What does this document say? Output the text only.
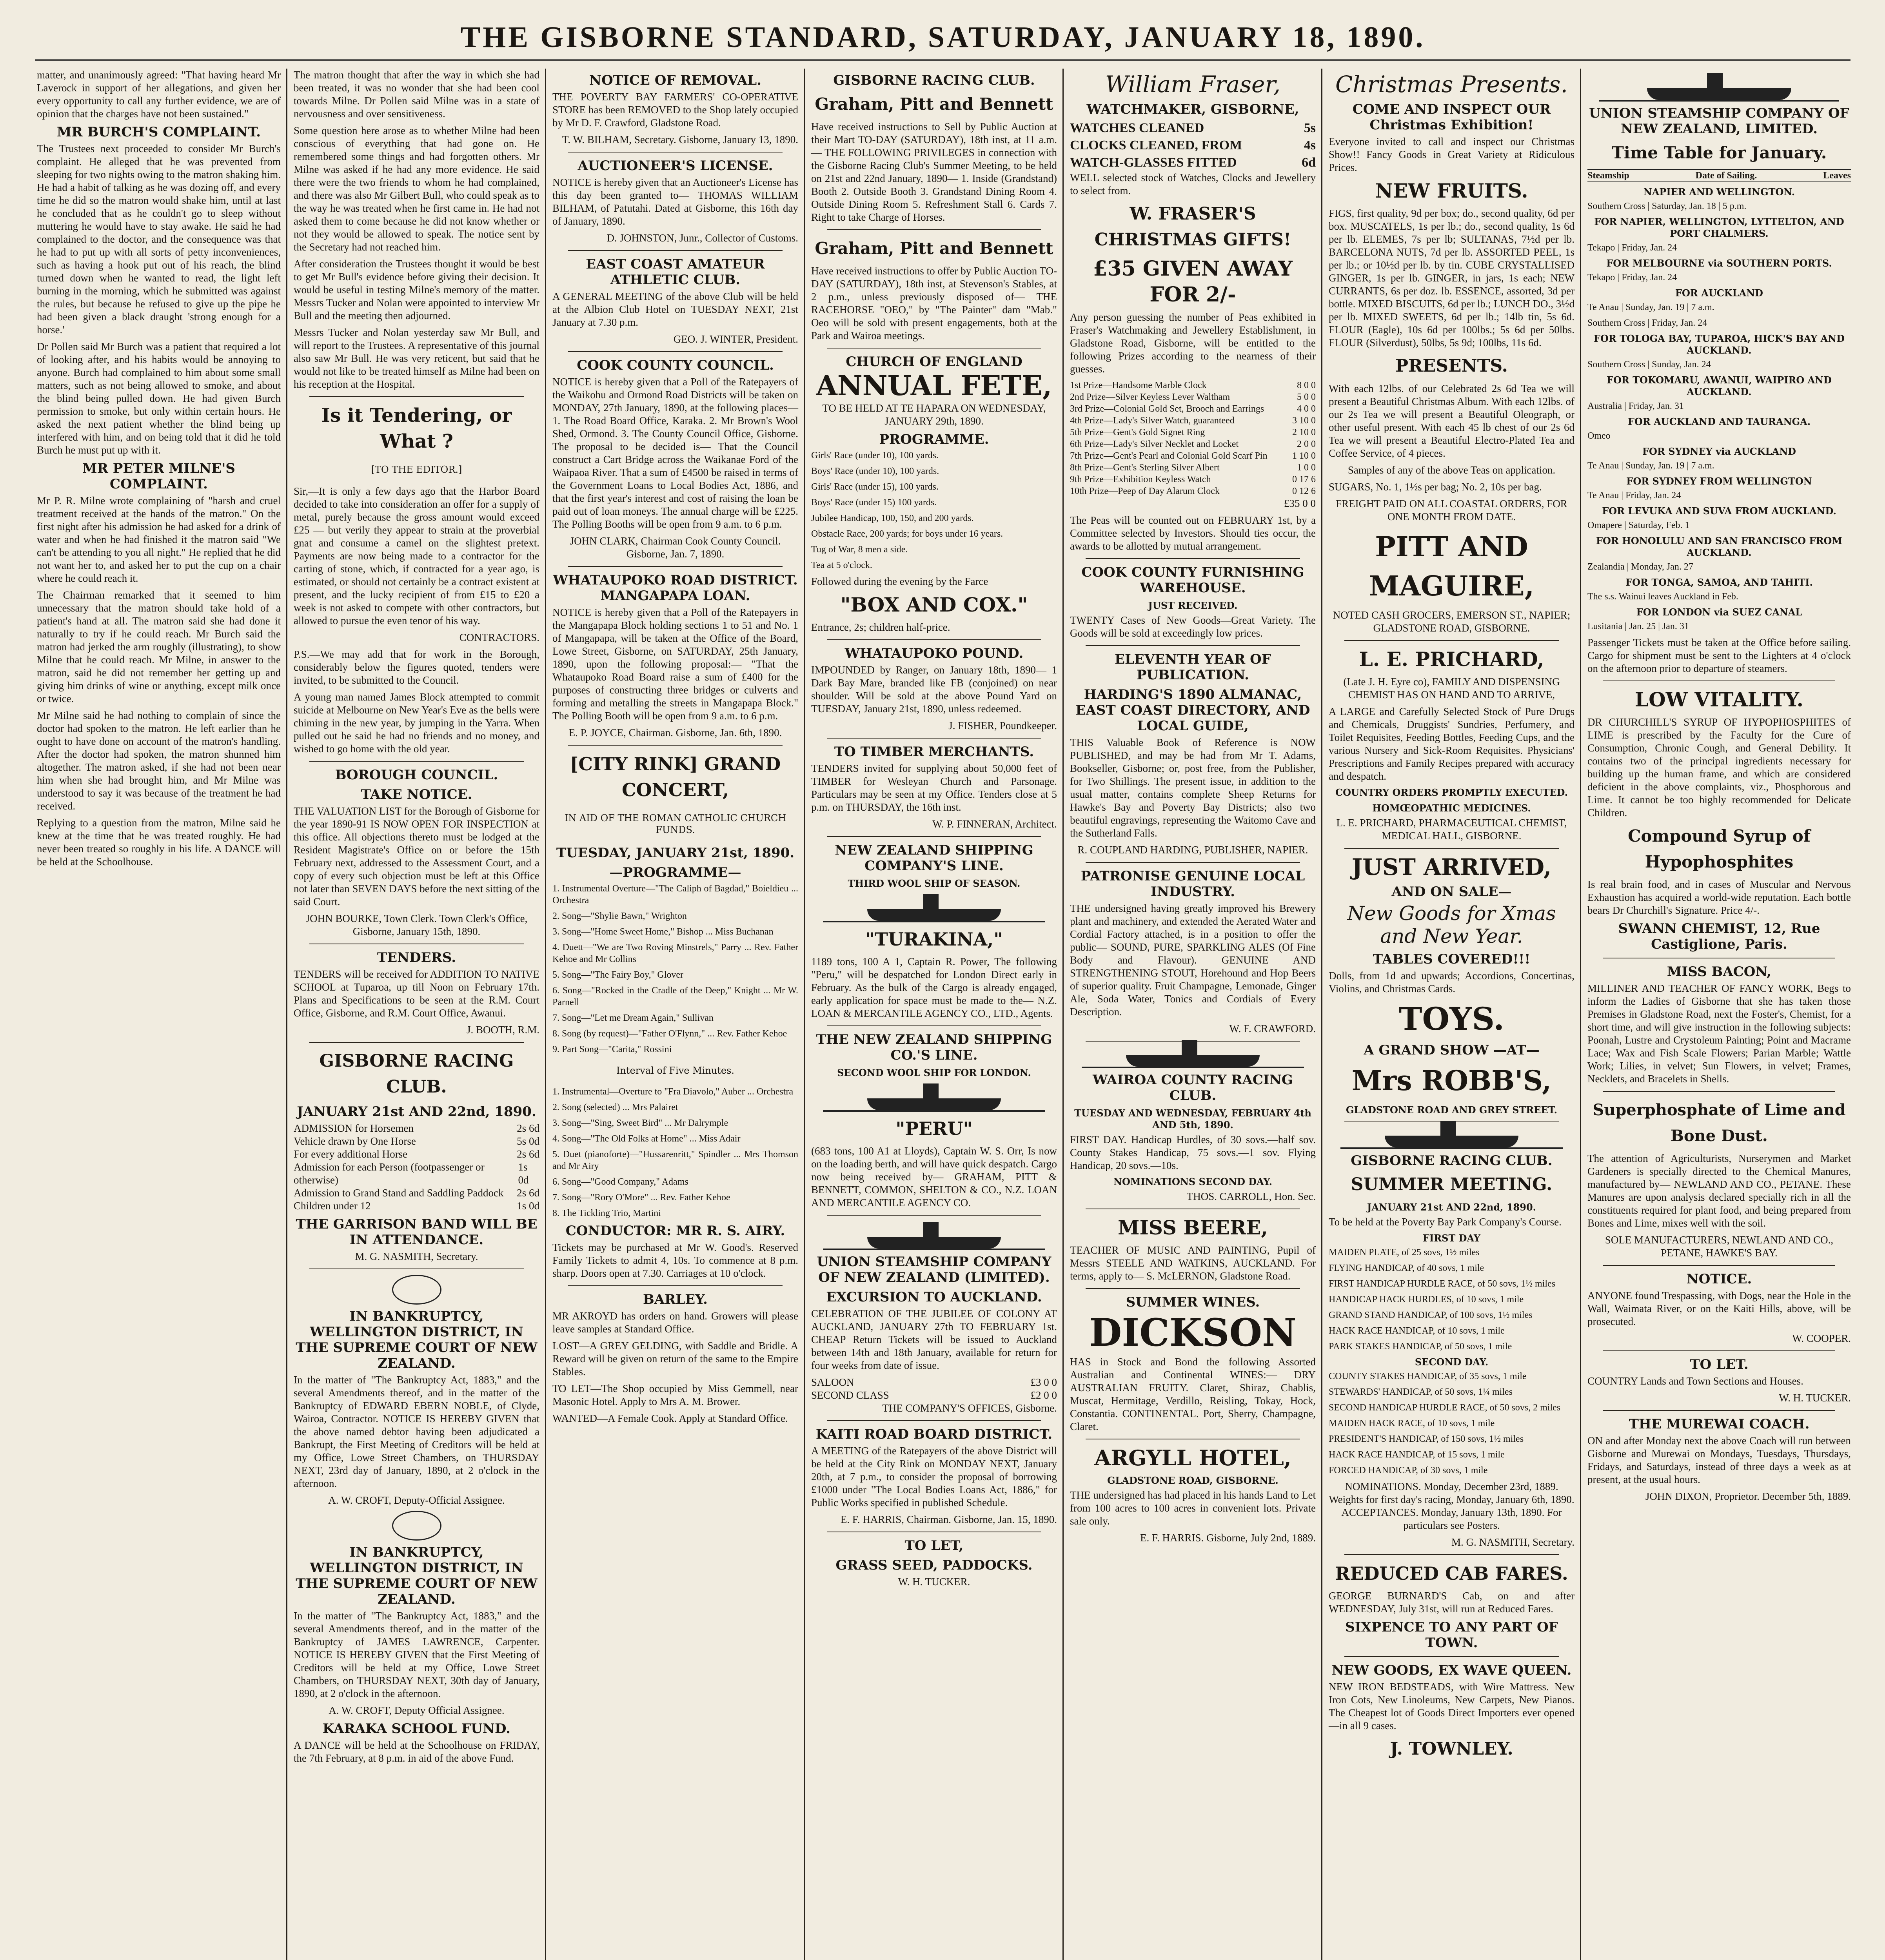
THE GISBORNE STANDARD, SATURDAY, JANUARY 18, 1890.

matter, and unanimously agreed: "That having heard Mr Laverock in support of her allegations, and given her every opportunity to call any further evidence, we are of opinion that the charges have not been sustained."

MR BURCH'S COMPLAINT.

The Trustees next proceeded to consider Mr Burch's complaint. He alleged that he was prevented from sleeping for two nights owing to the matron shaking him. He had a habit of talking as he was dozing off, and every time he did so the matron would shake him, until at last he concluded that as he couldn't go to sleep without muttering he would have to stay awake. He said he had complained to the doctor, and the consequence was that he had to put up with all sorts of petty inconveniences, such as having a hook put out of his reach, the blind turned down when he wanted to read, the light left burning in the morning, which he submitted was against the rules, but because he refused to give up the pipe he had been given a black draught 'strong enough for a horse.'

Dr Pollen said Mr Burch was a patient that required a lot of looking after, and his habits would be annoying to anyone. Burch had complained to him about some small matters, such as not being allowed to smoke, and about the blind being pulled down. He had given Burch permission to smoke, but only within certain hours. He asked the next patient whether the blind being up interfered with him, and on being told that it did he told Burch he must put up with it.

MR PETER MILNE'S COMPLAINT.

Mr P. R. Milne wrote complaining of "harsh and cruel treatment received at the hands of the matron." On the first night after his admission he had asked for a drink of water and when he had finished it the matron said "We can't be attending to you all night." He replied that he did not want her to, and asked her to put the cup on a chair where he could reach it.

The Chairman remarked that it seemed to him unnecessary that the matron should take hold of a patient's hand at all. The matron said she had done it naturally to try if he could reach. Mr Burch said the matron had jerked the arm roughly (illustrating), to show Milne that he could reach. Mr Milne, in answer to the matron, said he did not remember her getting up and giving him drinks of wine or anything, except milk once or twice.

Mr Milne said he had nothing to complain of since the doctor had spoken to the matron. He left earlier than he ought to have done on account of the matron's handling. After the doctor had spoken, the matron shunned him altogether. The matron asked, if she had not been near him when she had brought him, and Mr Milne was understood to say it was because of the treatment he had received.

Replying to a question from the matron, Milne said he knew at the time that he was treated roughly. He had never been treated so roughly in his life. A DANCE will be held at the Schoolhouse.

The matron thought that after the way in which she had been treated, it was no wonder that she had been cool towards Milne. Dr Pollen said Milne was in a state of nervousness and over sensitiveness.

Some question here arose as to whether Milne had been conscious of everything that had gone on. He remembered some things and had forgotten others. Mr Milne was asked if he had any more evidence. He said there were the two friends to whom he had complained, and there was also Mr Gilbert Bull, who could speak as to the way he was treated when he first came in. He had not asked them to come because he did not know whether or not they would be allowed to speak. The notice sent by the Secretary had not reached him.

After consideration the Trustees thought it would be best to get Mr Bull's evidence before giving their decision. It would be useful in testing Milne's memory of the matter. Messrs Tucker and Nolan were appointed to interview Mr Bull and the meeting then adjourned.

Messrs Tucker and Nolan yesterday saw Mr Bull, and will report to the Trustees. A representative of this journal also saw Mr Bull. He was very reticent, but said that he would not like to be treated himself as Milne had been on his reception at the Hospital.

Is it Tendering, or What ?

[TO THE EDITOR.]

Sir,—It is only a few days ago that the Harbor Board decided to take into consideration an offer for a supply of metal, purely because the gross amount would exceed £25 — but verily they appear to strain at the proverbial gnat and consume a camel on the slightest pretext. Payments are now being made to a contractor for the carting of stone, which, if contracted for a year ago, is estimated, or should not certainly be a contract existent at present, and the lucky recipient of from £15 to £20 a week is not asked to compete with other contractors, but allowed to pursue the even tenor of his way.

CONTRACTORS.

P.S.—We may add that for work in the Borough, considerably below the figures quoted, tenders were invited, to be submitted to the Council.

A young man named James Block attempted to commit suicide at Melbourne on New Year's Eve as the bells were chiming in the new year, by jumping in the Yarra. When pulled out he said he had no friends and no money, and wished to go home with the old year.

BOROUGH COUNCIL.

TAKE NOTICE.

THE VALUATION LIST for the Borough of Gisborne for the year 1890-91 IS NOW OPEN FOR INSPECTION at this office. All objections thereto must be lodged at the Resident Magistrate's Office on or before the 15th February next, addressed to the Assessment Court, and a copy of every such objection must be left at this Office not later than SEVEN DAYS before the next sitting of the said Court.

JOHN BOURKE, Town Clerk. Town Clerk's Office, Gisborne, January 15th, 1890.

TENDERS.

TENDERS will be received for ADDITION TO NATIVE SCHOOL at Tuparoa, up till Noon on February 17th. Plans and Specifications to be seen at the R.M. Court Office, Gisborne, and R.M. Court Office, Awanui.

J. BOOTH, R.M.

GISBORNE RACING CLUB.

JANUARY 21st AND 22nd, 1890.

ADMISSION for Horsemen	2s 6d
Vehicle drawn by One Horse	5s 0d
For every additional Horse	2s 6d
Admission for each Person (footpassenger or otherwise)
1s 0d
Admission to Grand Stand and Saddling Paddock 2s 6d
Children under 12	1s 0d

THE GARRISON BAND WILL BE IN ATTENDANCE.

M. G. NASMITH, Secretary.

IN BANKRUPTCY, WELLINGTON DISTRICT, IN THE SUPREME COURT OF NEW ZEALAND.

In the matter of "The Bankruptcy Act, 1883," and the several Amendments thereof, and in the matter of the Bankruptcy of EDWARD EBERN NOBLE, of Clyde, Wairoa, Contractor. NOTICE IS HEREBY GIVEN that the above named debtor having been adjudicated a Bankrupt, the First Meeting of Creditors will be held at my Office, Lowe Street Chambers, on THURSDAY NEXT, 23rd day of January, 1890, at 2 o'clock in the afternoon.

A. W. CROFT, Deputy-Official Assignee.

IN BANKRUPTCY, WELLINGTON DISTRICT, IN THE SUPREME COURT OF NEW ZEALAND.

In the matter of "The Bankruptcy Act, 1883," and the several Amendments thereof, and in the matter of the Bankruptcy of JAMES LAWRENCE, Carpenter. NOTICE IS HEREBY GIVEN that the First Meeting of Creditors will be held at my Office, Lowe Street Chambers, on THURSDAY NEXT, 30th day of January, 1890, at 2 o'clock in the afternoon.

A. W. CROFT, Deputy Official Assignee.

KARAKA SCHOOL FUND.

A DANCE will be held at the Schoolhouse on FRIDAY, the 7th February, at 8 p.m. in aid of the above Fund.

NOTICE OF REMOVAL.

THE POVERTY BAY FARMERS' CO-OPERATIVE STORE has been REMOVED to the Shop lately occupied by Mr D. F. Crawford, Gladstone Road.

T. W. BILHAM, Secretary. Gisborne, January 13, 1890.

AUCTIONEER'S LICENSE.

NOTICE is hereby given that an Auctioneer's License has this day been granted to— THOMAS WILLIAM BILHAM, of Patutahi. Dated at Gisborne, this 16th day of January, 1890.

D. JOHNSTON, Junr., Collector of Customs.

EAST COAST AMATEUR ATHLETIC CLUB.

A GENERAL MEETING of the above Club will be held at the Albion Club Hotel on TUESDAY NEXT, 21st January at 7.30 p.m.

GEO. J. WINTER, President.

COOK COUNTY COUNCIL.

NOTICE is hereby given that a Poll of the Ratepayers of the Waikohu and Ormond Road Districts will be taken on MONDAY, 27th January, 1890, at the following places— 1. The Road Board Office, Karaka. 2. Mr Brown's Wool Shed, Ormond. 3. The County Council Office, Gisborne. The proposal to be decided is— That the Council construct a Cart Bridge across the Waikanae Ford of the Waipaoa River. That a sum of £4500 be raised in terms of the Government Loans to Local Bodies Act, 1886, and that the first year's interest and cost of raising the loan be paid out of loan moneys. The annual charge will be £225. The Polling Booths will be open from 9 a.m. to 6 p.m.

JOHN CLARK, Chairman Cook County Council. Gisborne, Jan. 7, 1890.

WHATAUPOKO ROAD DISTRICT. MANGAPAPA LOAN.

NOTICE is hereby given that a Poll of the Ratepayers in the Mangapapa Block holding sections 1 to 51 and No. 1 of Mangapapa, will be taken at the Office of the Board, Lowe Street, Gisborne, on SATURDAY, 25th January, 1890, upon the following proposal:— "That the Whataupoko Road Board raise a sum of £400 for the purposes of constructing three bridges or culverts and forming and metalling the streets in Mangapapa Block." The Polling Booth will be open from 9 a.m. to 6 p.m.

E. P. JOYCE, Chairman. Gisborne, Jan. 6th, 1890.

[CITY RINK] GRAND CONCERT,

IN AID OF THE ROMAN CATHOLIC CHURCH FUNDS.

TUESDAY, JANUARY 21st, 1890.

—PROGRAMME—

1. Instrumental Overture—"The Caliph of Bagdad," Boieldieu ... Orchestra

2. Song—"Shylie Bawn," Wrighton

3. Song—"Home Sweet Home," Bishop ... Miss Buchanan

4. Duett—"We are Two Roving Minstrels," Parry ... Rev. Father Kehoe and Mr Collins

5. Song—"The Fairy Boy," Glover

6. Song—"Rocked in the Cradle of the Deep," Knight ... Mr W. Parnell

7. Song—"Let me Dream Again," Sullivan

8. Song (by request)—"Father O'Flynn," ... Rev. Father Kehoe

9. Part Song—"Carita," Rossini

Interval of Five Minutes.

1. Instrumental—Overture to "Fra Diavolo," Auber ... Orchestra

2. Song (selected) ... Mrs Palairet

3. Song—"Sing, Sweet Bird" ... Mr Dalrymple

4. Song—"The Old Folks at Home" ... Miss Adair

5. Duet (pianoforte)—"Hussarenritt," Spindler ... Mrs Thomson and Mr Airy

6. Song—"Good Company," Adams

7. Song—"Rory O'More" ... Rev. Father Kehoe

8. The Tickling Trio, Martini

CONDUCTOR: MR R. S. AIRY.

Tickets may be purchased at Mr W. Good's. Reserved Family Tickets to admit 4, 10s. To commence at 8 p.m. sharp. Doors open at 7.30. Carriages at 10 o'clock.

BARLEY.

MR AKROYD has orders on hand. Growers will please leave samples at Standard Office.

LOST—A GREY GELDING, with Saddle and Bridle. A Reward will be given on return of the same to the Empire Stables.

TO LET—The Shop occupied by Miss Gemmell, near Masonic Hotel. Apply to Mrs A. M. Brower.

WANTED—A Female Cook. Apply at Standard Office.

GISBORNE RACING CLUB.

Graham, Pitt and Bennett

Have received instructions to Sell by Public Auction at their Mart TO-DAY (SATURDAY), 18th inst, at 11 a.m.— THE FOLLOWING PRIVILEGES in connection with the Gisborne Racing Club's Summer Meeting, to be held on 21st and 22nd January, 1890— 1. Inside (Grandstand) Booth 2. Outside Booth 3. Grandstand Dining Room 4. Outside Dining Room 5. Refreshment Stall 6. Cards 7. Right to take Charge of Horses.

Graham, Pitt and Bennett

Have received instructions to offer by Public Auction TO-DAY (SATURDAY), 18th inst, at Stevenson's Stables, at 2 p.m., unless previously disposed of— THE RACEHORSE "OEO," by "The Painter" dam "Mab." Oeo will be sold with present engagements, both at the Park and Wairoa meetings.

CHURCH OF ENGLAND

ANNUAL FETE,

TO BE HELD AT TE HAPARA ON WEDNESDAY, JANUARY 29th, 1890.

PROGRAMME.

Girls' Race (under 10), 100 yards.

Boys' Race (under 10), 100 yards.

Girls' Race (under 15), 100 yards.

Boys' Race (under 15) 100 yards.

Jubilee Handicap, 100, 150, and 200 yards.

Obstacle Race, 200 yards; for boys under 16 years.

Tug of War, 8 men a side.

Tea at 5 o'clock.

Followed during the evening by the Farce

"BOX AND COX."

Entrance, 2s; children half-price.

WHATAUPOKO POUND.

IMPOUNDED by Ranger, on January 18th, 1890— 1 Dark Bay Mare, branded like FB (conjoined) on near shoulder. Will be sold at the above Pound Yard on TUESDAY, January 21st, 1890, unless redeemed.

J. FISHER, Poundkeeper.

TO TIMBER MERCHANTS.

TENDERS invited for supplying about 50,000 feet of TIMBER for Wesleyan Church and Parsonage. Particulars may be seen at my Office. Tenders close at 5 p.m. on THURSDAY, the 16th inst.

W. P. FINNERAN, Architect.

NEW ZEALAND SHIPPING COMPANY'S LINE.

THIRD WOOL SHIP OF SEASON.

"TURAKINA,"

1189 tons, 100 A 1, Captain R. Power, The following "Peru," will be despatched for London Direct early in February. As the bulk of the Cargo is already engaged, early application for space must be made to the— N.Z. LOAN & MERCANTILE AGENCY CO., LTD., Agents.

THE NEW ZEALAND SHIPPING CO.'S LINE.

SECOND WOOL SHIP FOR LONDON.

"PERU"

(683 tons, 100 A1 at Lloyds), Captain W. S. Orr, Is now on the loading berth, and will have quick despatch. Cargo now being received by— GRAHAM, PITT & BENNETT, COMMON, SHELTON & CO., N.Z. LOAN AND MERCANTILE AGENCY CO.

UNION STEAMSHIP COMPANY OF NEW ZEALAND (LIMITED).

EXCURSION TO AUCKLAND.

CELEBRATION OF THE JUBILEE OF COLONY AT AUCKLAND, JANUARY 27th TO FEBRUARY 1st. CHEAP Return Tickets will be issued to Auckland between 14th and 18th January, available for return for four weeks from date of issue.

SALOON	£3 0 0
SECOND CLASS	£2 0 0

THE COMPANY'S OFFICES, Gisborne.

KAITI ROAD BOARD DISTRICT.

A MEETING of the Ratepayers of the above District will be held at the City Rink on MONDAY NEXT, January 20th, at 7 p.m., to consider the proposal of borrowing £1000 under "The Local Bodies Loans Act, 1886," for Public Works specified in published Schedule.

E. F. HARRIS, Chairman. Gisborne, Jan. 15, 1890.

TO LET,

GRASS SEED, PADDOCKS.

W. H. TUCKER.

William Fraser,

WATCHMAKER, GISBORNE,

WATCHES CLEANED	5s
CLOCKS CLEANED, FROM	4s
WATCH-GLASSES FITTED	6d

WELL selected stock of Watches, Clocks and Jewellery to select from.

W. FRASER'S CHRISTMAS GIFTS!

£35 GIVEN AWAY FOR 2/-

Any person guessing the number of Peas exhibited in Fraser's Watchmaking and Jewellery Establishment, in Gladstone Road, Gisborne, will be entitled to the following Prizes according to the nearness of their guesses.

1st Prize—Handsome Marble Clock	8 0 0
2nd Prize—Silver Keyless Lever Waltham	5 0 0
3rd Prize—Colonial Gold Set, Brooch and Earrings	4 0 0
4th Prize—Lady's Silver Watch, guaranteed	3 10 0
5th Prize—Gent's Gold Signet Ring	2 10 0
6th Prize—Lady's Silver Necklet and Locket	2 0 0
7th Prize—Gent's Pearl and Colonial Gold Scarf Pin	1 10 0
8th Prize—Gent's Sterling Silver Albert	1 0 0
9th Prize—Exhibition Keyless Watch	0 17 6
10th Prize—Peep of Day Alarum Clock	0 12 6

£35 0 0

The Peas will be counted out on FEBRUARY 1st, by a Committee selected by Investors. Should ties occur, the awards to be allotted by mutual arrangement.

COOK COUNTY FURNISHING WAREHOUSE.

JUST RECEIVED.

TWENTY Cases of New Goods—Great Variety. The Goods will be sold at exceedingly low prices.

ELEVENTH YEAR OF PUBLICATION.

HARDING'S 1890 ALMANAC, EAST COAST DIRECTORY, AND LOCAL GUIDE,

THIS Valuable Book of Reference is NOW PUBLISHED, and may be had from Mr T. Adams, Bookseller, Gisborne; or, post free, from the Publisher, for Two Shillings. The present issue, in addition to the usual matter, contains complete Sheep Returns for Hawke's Bay and Poverty Bay Districts; also two beautiful engravings, representing the Waitomo Cave and the Sutherland Falls.

R. COUPLAND HARDING, PUBLISHER, NAPIER.

PATRONISE GENUINE LOCAL INDUSTRY.

THE undersigned having greatly improved his Brewery plant and machinery, and extended the Aerated Water and Cordial Factory attached, is in a position to offer the public— SOUND, PURE, SPARKLING ALES (Of Fine Body and Flavour). GENUINE AND STRENGTHENING STOUT, Horehound and Hop Beers of superior quality. Fruit Champagne, Lemonade, Ginger Ale, Soda Water, Tonics and Cordials of Every Description.

W. F. CRAWFORD.

WAIROA COUNTY RACING CLUB.

TUESDAY AND WEDNESDAY, FEBRUARY 4th AND 5th, 1890.

FIRST DAY. Handicap Hurdles, of 30 sovs.—half sov. County Stakes Handicap, 75 sovs.—1 sov. Flying Handicap, 20 sovs.—10s.

NOMINATIONS SECOND DAY.

THOS. CARROLL, Hon. Sec.

MISS BEERE,

TEACHER OF MUSIC AND PAINTING, Pupil of Messrs STEELE AND WATKINS, AUCKLAND. For terms, apply to— S. McLERNON, Gladstone Road.

SUMMER WINES.

DICKSON

HAS in Stock and Bond the following Assorted Australian and Continental WINES:— DRY AUSTRALIAN FRUITY. Claret, Shiraz, Chablis, Muscat, Hermitage, Verdillo, Reisling, Tokay, Hock, Constantia. CONTINENTAL. Port, Sherry, Champagne, Claret.

ARGYLL HOTEL,

GLADSTONE ROAD, GISBORNE.

THE undersigned has had placed in his hands Land to Let from 100 acres to 100 acres in convenient lots. Private sale only.

E. F. HARRIS. Gisborne, July 2nd, 1889.

Christmas Presents.

COME AND INSPECT OUR Christmas Exhibition!

Everyone invited to call and inspect our Christmas Show!! Fancy Goods in Great Variety at Ridiculous Prices.

NEW FRUITS.

FIGS, first quality, 9d per box; do., second quality, 6d per box. MUSCATELS, 1s per lb.; do., second quality, 1s 6d per lb. ELEMES, 7s per lb; SULTANAS, 7½d per lb. BARCELONA NUTS, 7d per lb. ASSORTED PEEL, 1s per lb.; or 10½d per lb. by tin. CUBE CRYSTALLISED GINGER, 1s per lb. GINGER, in jars, 1s each; NEW CURRANTS, 6s per doz. lb. ESSENCE, assorted, 3d per bottle. MIXED BISCUITS, 6d per lb.; LUNCH DO., 3½d per lb. MIXED SWEETS, 6d per lb.; 14lb tin, 5s 6d. FLOUR (Eagle), 10s 6d per 100lbs.; 5s 6d per 50lbs. FLOUR (Silverdust), 50lbs, 5s 9d; 100lbs, 11s 6d.

PRESENTS.

With each 12lbs. of our Celebrated 2s 6d Tea we will present a Beautiful Christmas Album. With each 12lbs. of our 2s Tea we will present a Beautiful Oleograph, or other useful present. With each 45 lb chest of our 2s 6d Tea we will present a Beautiful Electro-Plated Tea and Coffee Service, of 4 pieces.

Samples of any of the above Teas on application.

SUGARS, No. 1, 1½s per bag; No. 2, 10s per bag.

FREIGHT PAID ON ALL COASTAL ORDERS, FOR ONE MONTH FROM DATE.

PITT AND MAGUIRE,

NOTED CASH GROCERS, EMERSON ST., NAPIER; GLADSTONE ROAD, GISBORNE.

L. E. PRICHARD,

(Late J. H. Eyre co), FAMILY AND DISPENSING CHEMIST HAS ON HAND AND TO ARRIVE,

A LARGE and Carefully Selected Stock of Pure Drugs and Chemicals, Druggists' Sundries, Perfumery, and Toilet Requisites, Feeding Bottles, Feeding Cups, and the various Nursery and Sick-Room Requisites. Physicians' Prescriptions and Family Recipes prepared with accuracy and despatch.

COUNTRY ORDERS PROMPTLY EXECUTED.

HOMŒOPATHIC MEDICINES.

L. E. PRICHARD, PHARMACEUTICAL CHEMIST, MEDICAL HALL, GISBORNE.

JUST ARRIVED,

AND ON SALE—

New Goods for Xmas and New Year.

TABLES COVERED!!!

Dolls, from 1d and upwards; Accordions, Concertinas, Violins, and Christmas Cards.

TOYS.

A GRAND SHOW —AT—

Mrs ROBB'S,

GLADSTONE ROAD AND GREY STREET.

GISBORNE RACING CLUB.

SUMMER MEETING.

JANUARY 21st AND 22nd, 1890.

To be held at the Poverty Bay Park Company's Course.

FIRST DAY

MAIDEN PLATE, of 25 sovs, 1½ miles

FLYING HANDICAP, of 40 sovs, 1 mile

FIRST HANDICAP HURDLE RACE, of 50 sovs, 1½ miles

HANDICAP HACK HURDLES, of 10 sovs, 1 mile

GRAND STAND HANDICAP, of 100 sovs, 1½ miles

HACK RACE HANDICAP, of 10 sovs, 1 mile

PARK STAKES HANDICAP, of 50 sovs, 1 mile

SECOND DAY.

COUNTY STAKES HANDICAP, of 35 sovs, 1 mile

STEWARDS' HANDICAP, of 50 sovs, 1¼ miles

SECOND HANDICAP HURDLE RACE, of 50 sovs, 2 miles

MAIDEN HACK RACE, of 10 sovs, 1 mile

PRESIDENT'S HANDICAP, of 150 sovs, 1½ miles

HACK RACE HANDICAP, of 15 sovs, 1 mile

FORCED HANDICAP, of 30 sovs, 1 mile

NOMINATIONS. Monday, December 23rd, 1889. Weights for first day's racing, Monday, January 6th, 1890. ACCEPTANCES. Monday, January 13th, 1890. For particulars see Posters.

M. G. NASMITH, Secretary.

REDUCED CAB FARES.

GEORGE BURNARD'S Cab, on and after WEDNESDAY, July 31st, will run at Reduced Fares.

SIXPENCE TO ANY PART OF TOWN.

NEW GOODS, EX WAVE QUEEN.

NEW IRON BEDSTEADS, with Wire Mattress. New Iron Cots, New Linoleums, New Carpets, New Pianos. The Cheapest lot of Goods Direct Importers ever opened—in all 9 cases.

J. TOWNLEY.

UNION STEAMSHIP COMPANY OF NEW ZEALAND, LIMITED.

Time Table for January.

Steamship	Date of Sailing.	Leaves

NAPIER AND WELLINGTON.

Southern Cross | Saturday, Jan. 18 | 5 p.m.

FOR NAPIER, WELLINGTON, LYTTELTON, AND PORT CHALMERS.

Tekapo | Friday, Jan. 24

FOR MELBOURNE via SOUTHERN PORTS.

Tekapo | Friday, Jan. 24

FOR AUCKLAND

Te Anau | Sunday, Jan. 19 | 7 a.m.

Southern Cross | Friday, Jan. 24

FOR TOLOGA BAY, TUPAROA, HICK'S BAY AND AUCKLAND.

Southern Cross | Sunday, Jan. 24

FOR TOKOMARU, AWANUI, WAIPIRO AND AUCKLAND.

Australia | Friday, Jan. 31

FOR AUCKLAND AND TAURANGA.

Omeo

FOR SYDNEY via AUCKLAND

Te Anau | Sunday, Jan. 19 | 7 a.m.

FOR SYDNEY FROM WELLINGTON

Te Anau | Friday, Jan. 24

FOR LEVUKA AND SUVA FROM AUCKLAND.

Omapere | Saturday, Feb. 1

FOR HONOLULU AND SAN FRANCISCO FROM AUCKLAND.

Zealandia | Monday, Jan. 27

FOR TONGA, SAMOA, AND TAHITI.

The s.s. Wainui leaves Auckland in Feb.

FOR LONDON via SUEZ CANAL

Lusitania | Jan. 25 | Jan. 31

Passenger Tickets must be taken at the Office before sailing. Cargo for shipment must be sent to the Lighters at 4 o'clock on the afternoon prior to departure of steamers.

LOW VITALITY.

DR CHURCHILL'S SYRUP OF HYPOPHOSPHITES of LIME is prescribed by the Faculty for the Cure of Consumption, Chronic Cough, and General Debility. It contains two of the principal ingredients necessary for building up the human frame, and which are considered deficient in the above complaints, viz., Phosphorous and Lime. It cannot be too highly recommended for Delicate Children.

Compound Syrup of Hypophosphites

Is real brain food, and in cases of Muscular and Nervous Exhaustion has acquired a world-wide reputation. Each bottle bears Dr Churchill's Signature. Price 4/-.

SWANN CHEMIST, 12, Rue Castiglione, Paris.

MISS BACON,

MILLINER AND TEACHER OF FANCY WORK, Begs to inform the Ladies of Gisborne that she has taken those Premises in Gladstone Road, next the Foster's, Chemist, for a short time, and will give instruction in the following subjects: Poonah, Lustre and Crystoleum Painting; Point and Macrame Lace; Wax and Fish Scale Flowers; Parian Marble; Wattle Work; Lilies, in velvet; Sun Flowers, in velvet; Frames, Necklets, and Bracelets in Shells.

Superphosphate of Lime and Bone Dust.

The attention of Agriculturists, Nurserymen and Market Gardeners is specially directed to the Chemical Manures, manufactured by— NEWLAND AND CO., PETANE. These Manures are upon analysis declared specially rich in all the constituents required for plant food, and being prepared from Bones and Lime, mixes well with the soil.

SOLE MANUFACTURERS, NEWLAND AND CO., PETANE, HAWKE'S BAY.

NOTICE.

ANYONE found Trespassing, with Dogs, near the Hole in the Wall, Waimata River, or on the Kaiti Hills, above, will be prosecuted.

W. COOPER.

TO LET.

COUNTRY Lands and Town Sections and Houses.

W. H. TUCKER.

THE MUREWAI COACH.

ON and after Monday next the above Coach will run between Gisborne and Murewai on Mondays, Tuesdays, Thursdays, Fridays, and Saturdays, instead of three days a week as at present, at the usual hours.

JOHN DIXON, Proprietor. December 5th, 1889.
